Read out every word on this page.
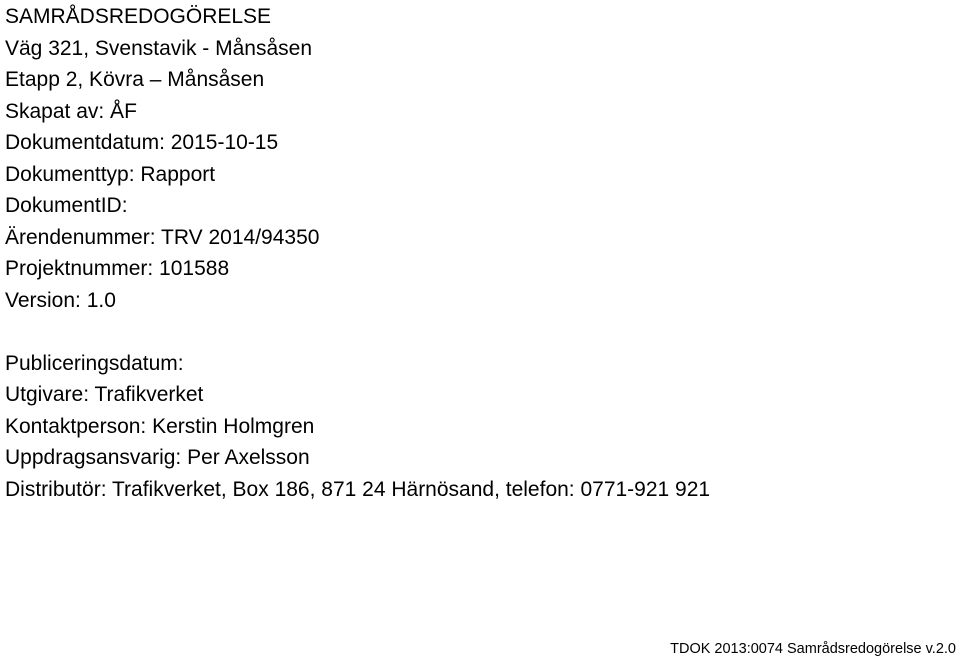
SAMRÅDSREDOGÖRELSE

Väg 321, Svenstavik - Månsåsen

Etapp 2, Kövra – Månsåsen

Skapat av: ÅF

Dokumentdatum: 2015-10-15

Dokumenttyp: Rapport

DokumentID:

Ärendenummer: TRV 2014/94350

Projektnummer: 101588

Version: 1.0

Publiceringsdatum:

Utgivare: Trafikverket

Kontaktperson: Kerstin Holmgren

Uppdragsansvarig: Per Axelsson

Distributör: Trafikverket, Box 186, 871 24 Härnösand, telefon: 0771-921 921

TDOK 2013:0074 Samrådsredogörelse v.2.0
